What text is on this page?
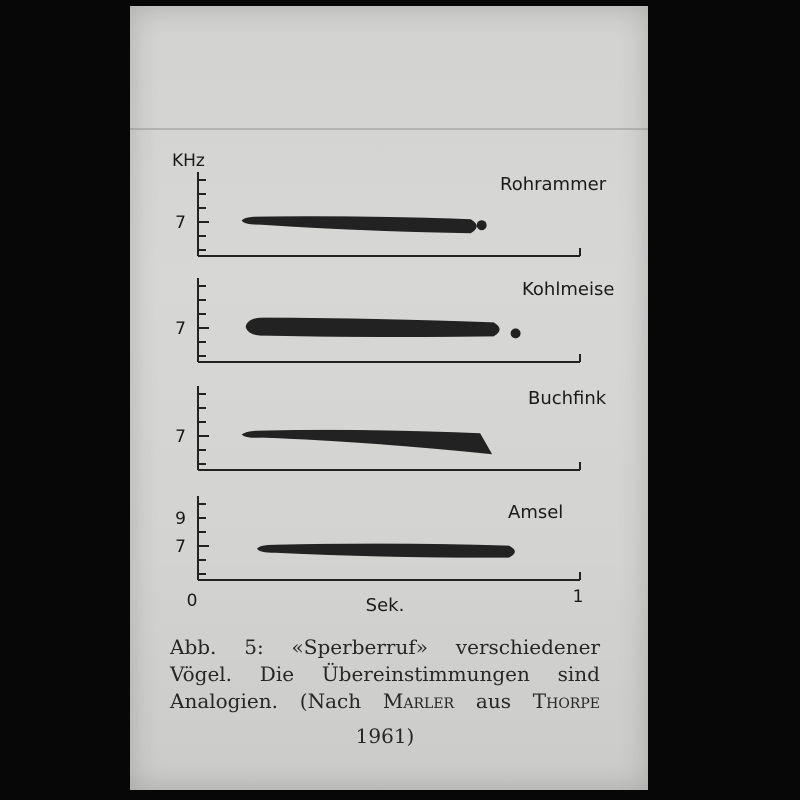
KHz
7
Rohrammer
7
Kohlmeise
7
Buchfink
9
7
Amsel
0	1
Sek.
Abb. 5: «Sperberruf» verschiedener
Vögel. Die Übereinstimmungen sind
Analogien. (Nach Marler aus Thorpe
1961)
